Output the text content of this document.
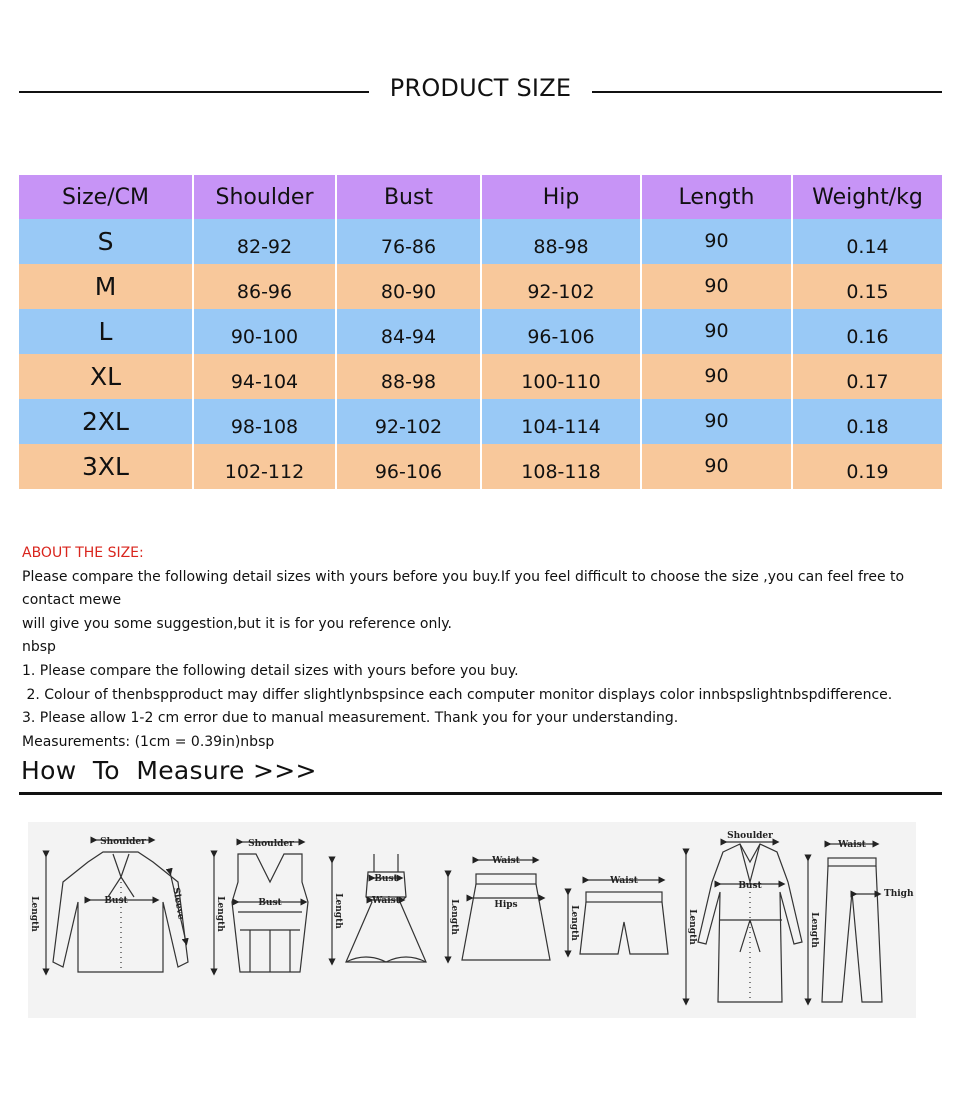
PRODUCT SIZE
Size/CM	Shoulder	Bust	Hip	Length	Weight/kg
S	82-92	76-86	88-98	90	0.14
M	86-96	80-90	92-102	90	0.15
L	90-100	84-94	96-106	90	0.16
XL	94-104	88-98	100-110	90	0.17
2XL	98-108	92-102	104-114	90	0.18
3XL	102-112	96-106	108-118	90	0.19

ABOUT THE SIZE:

Please compare the following detail sizes with yours before you buy.If you feel difficult to choose the size ,you can feel free to contact mewe

will give you some suggestion,but it is for you reference only.

nbsp

1. Please compare the following detail sizes with yours before you buy.

2. Colour of thenbspproduct may differ slightlynbspsince each computer monitor displays color innbspslightnbspdifference.

3. Please allow 1-2 cm error due to manual measurement. Thank you for your understanding.

Measurements: (1cm = 0.39in)nbsp

How  To  Measure >>>
Shoulder
Bust
Length	Sleeve
Shoulder
Bust
Length
Bust
Waist
Length
Waist
Hips
Length
Waist
Length
Shoulder
Bust
Length
Waist
Thigh
Length
